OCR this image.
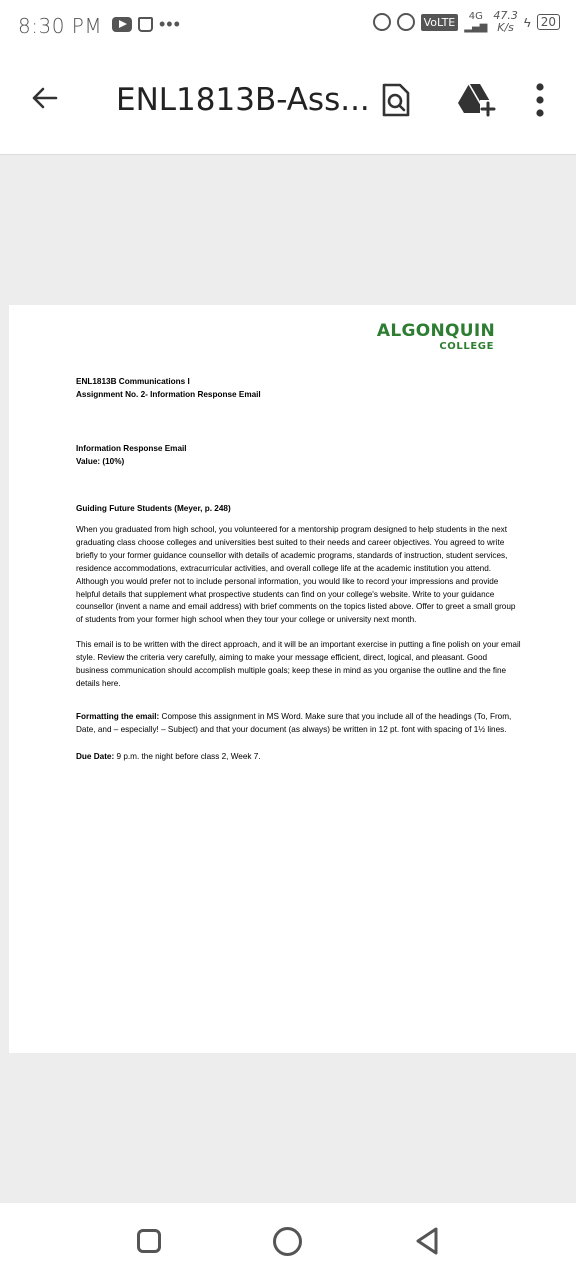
8:30 PM	•••	VoLTE	4G
▂▄▆
47.3
K/s ϟ 20
ENL1813B-Ass...
ALGONQUIN
COLLEGE

ENL1813B Communications I

Assignment No. 2- Information Response Email

Information Response Email

Value: (10%)

Guiding Future Students (Meyer, p. 248)

When you graduated from high school, you volunteered for a mentorship program designed to help students in the next graduating class choose colleges and universities best suited to their needs and career objectives. You agreed to write briefly to your former guidance counsellor with details of academic programs, standards of instruction, student services, residence accommodations, extracurricular activities, and overall college life at the academic institution you attend. Although you would prefer not to include personal information, you would like to record your impressions and provide helpful details that supplement what prospective students can find on your college's website. Write to your guidance counsellor (invent a name and email address) with brief comments on the topics listed above. Offer to greet a small group of students from your former high school when they tour your college or university next month.

This email is to be written with the direct approach, and it will be an important exercise in putting a fine polish on your email style. Review the criteria very carefully, aiming to make your message efficient, direct, logical, and pleasant. Good business communication should accomplish multiple goals; keep these in mind as you organise the outline and the fine details here.

Formatting the email: Compose this assignment in MS Word. Make sure that you include all of the headings (To, From, Date, and – especially! – Subject) and that your document (as always) be written in 12 pt. font with spacing of 1½ lines.

Due Date: 9 p.m. the night before class 2, Week 7.
